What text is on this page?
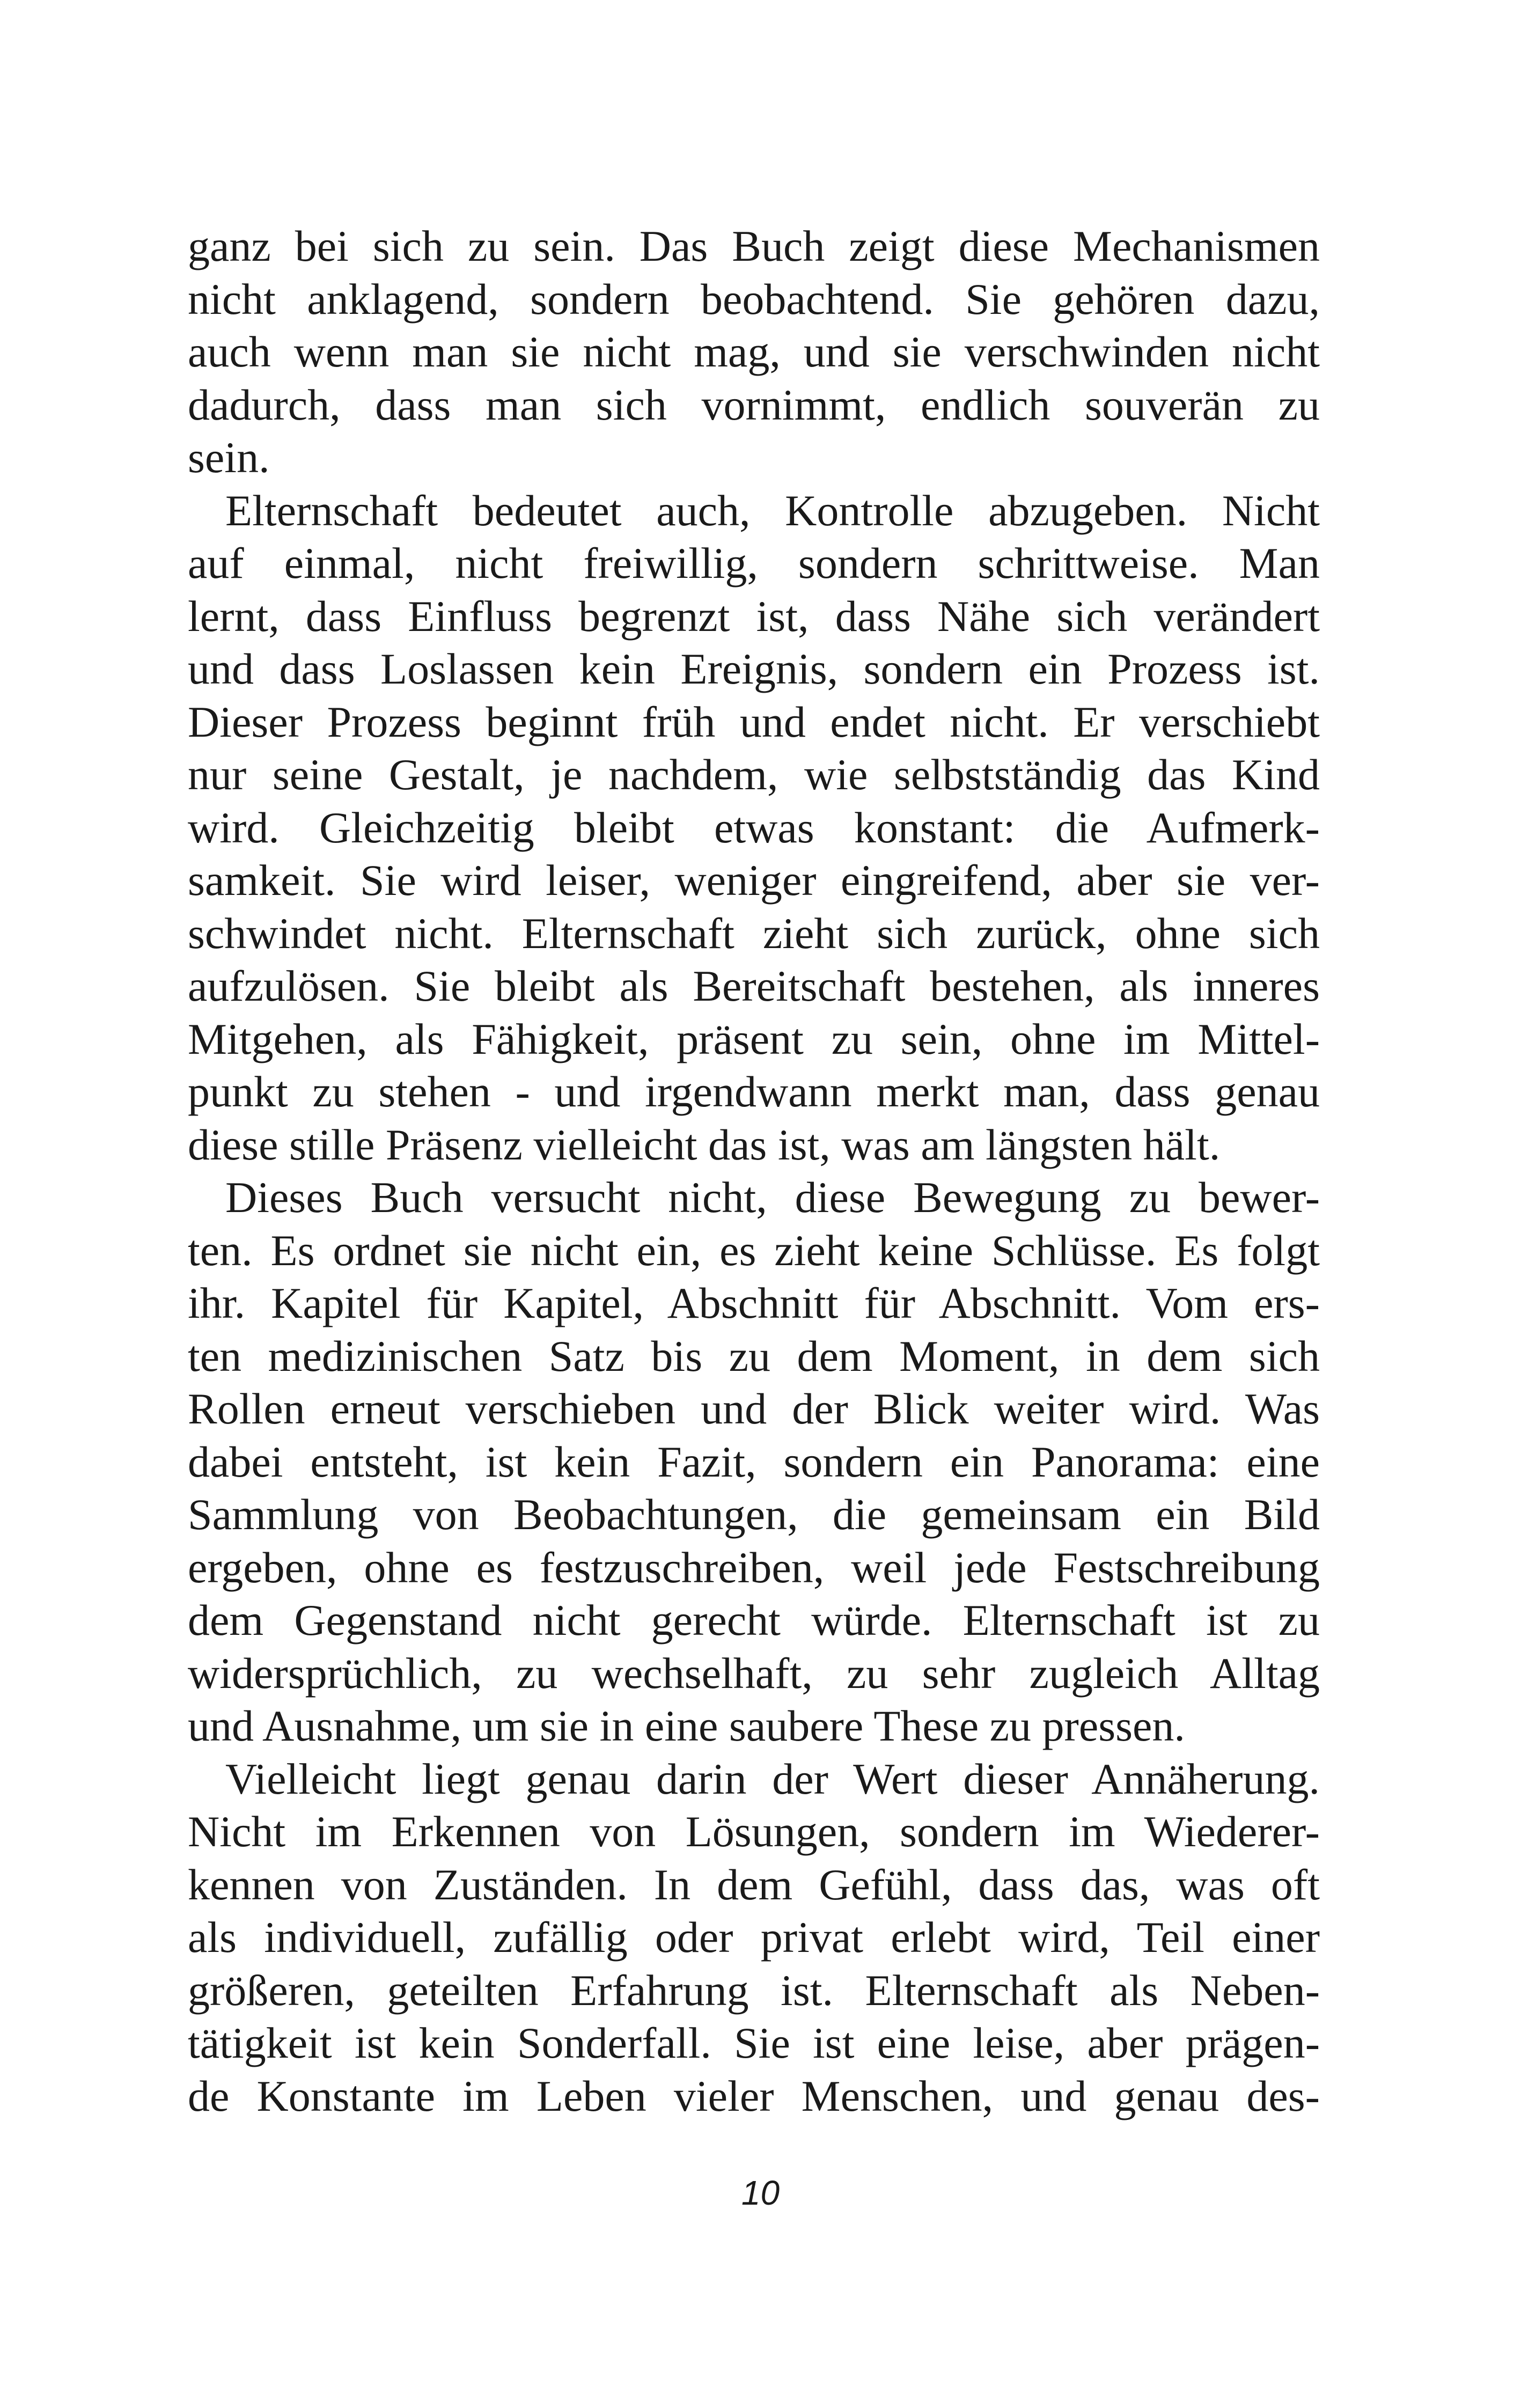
ganz bei sich zu sein. Das Buch zeigt diese Mechanismen
nicht anklagend, sondern beobachtend. Sie gehören dazu,
auch wenn man sie nicht mag, und sie verschwinden nicht
dadurch, dass man sich vornimmt, endlich souverän zu
sein.
Elternschaft bedeutet auch, Kontrolle abzugeben. Nicht
auf einmal, nicht freiwillig, sondern schrittweise. Man
lernt, dass Einfluss begrenzt ist, dass Nähe sich verändert
und dass Loslassen kein Ereignis, sondern ein Prozess ist.
Dieser Prozess beginnt früh und endet nicht. Er verschiebt
nur seine Gestalt, je nachdem, wie selbstständig das Kind
wird. Gleichzeitig bleibt etwas konstant: die Aufmerk-
samkeit. Sie wird leiser, weniger eingreifend, aber sie ver-
schwindet nicht. Elternschaft zieht sich zurück, ohne sich
aufzulösen. Sie bleibt als Bereitschaft bestehen, als inneres
Mitgehen, als Fähigkeit, präsent zu sein, ohne im Mittel-
punkt zu stehen - und irgendwann merkt man, dass genau
diese stille Präsenz vielleicht das ist, was am längsten hält.
Dieses Buch versucht nicht, diese Bewegung zu bewer-
ten. Es ordnet sie nicht ein, es zieht keine Schlüsse. Es folgt
ihr. Kapitel für Kapitel, Abschnitt für Abschnitt. Vom ers-
ten medizinischen Satz bis zu dem Moment, in dem sich
Rollen erneut verschieben und der Blick weiter wird. Was
dabei entsteht, ist kein Fazit, sondern ein Panorama: eine
Sammlung von Beobachtungen, die gemeinsam ein Bild
ergeben, ohne es festzuschreiben, weil jede Festschreibung
dem Gegenstand nicht gerecht würde. Elternschaft ist zu
widersprüchlich, zu wechselhaft, zu sehr zugleich Alltag
und Ausnahme, um sie in eine saubere These zu pressen.
Vielleicht liegt genau darin der Wert dieser Annäherung.
Nicht im Erkennen von Lösungen, sondern im Wiederer-
kennen von Zuständen. In dem Gefühl, dass das, was oft
als individuell, zufällig oder privat erlebt wird, Teil einer
größeren, geteilten Erfahrung ist. Elternschaft als Neben-
tätigkeit ist kein Sonderfall. Sie ist eine leise, aber prägen-
de Konstante im Leben vieler Menschen, und genau des-
10
